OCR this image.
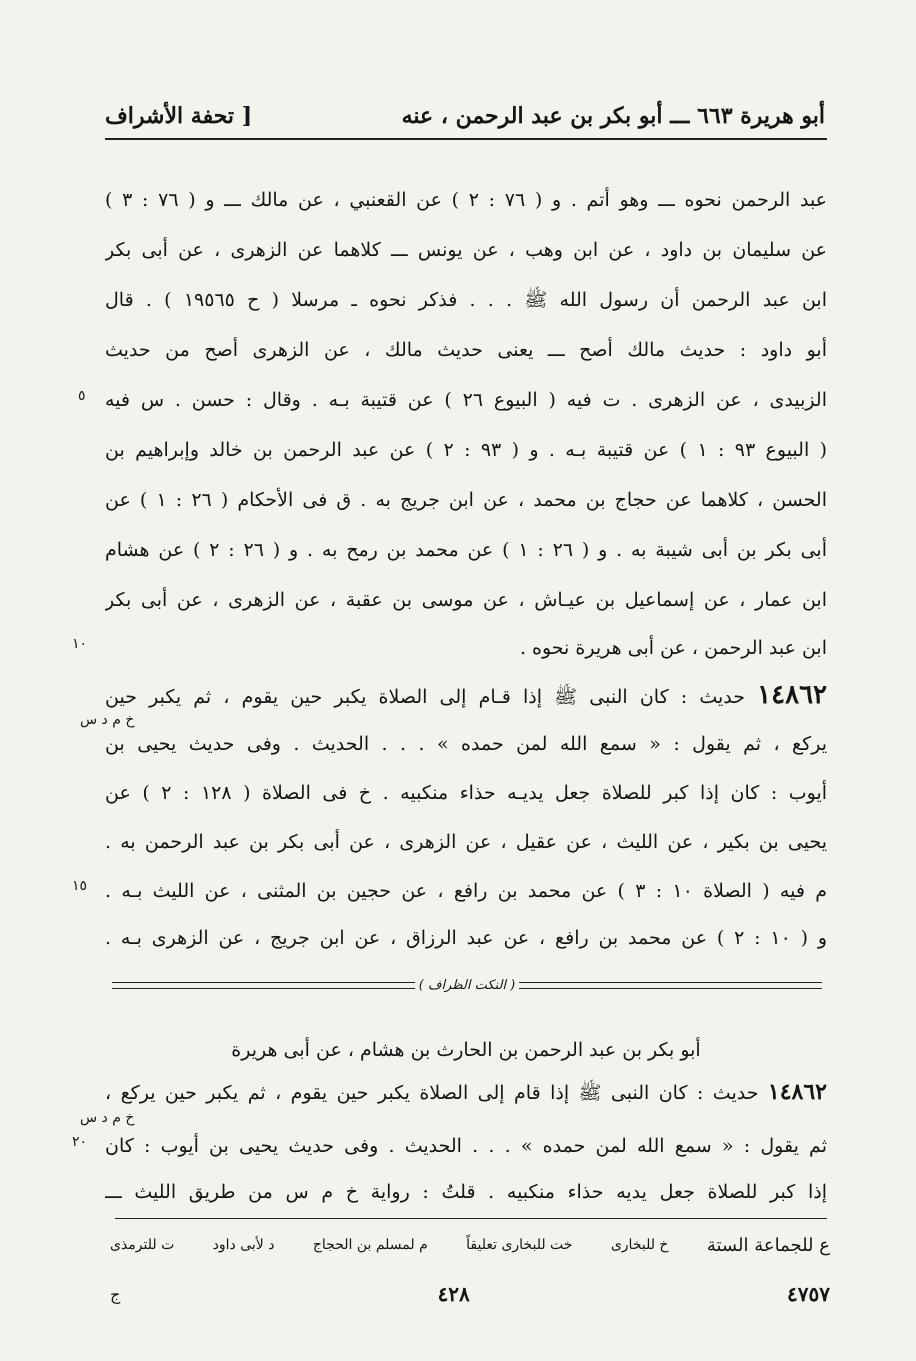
أبو هريرة ٦٦٣ ـــ أبو بكر بن عبد الرحمن ، عنه
[ تحفة الأشراف
عبد الرحمن نحوه ـــ وهو أتم . و ( ٧٦ : ٢ ) عن القعنبي ، عن مالك ـــ و ( ٧٦ : ٣ )
عن سليمان بن داود ، عن ابن وهب ، عن يونس ـــ كلاهما عن الزهرى ، عن أبى بكر
ابن عبد الرحمن أن رسول الله ﷺ . . . فذكر نحوه ـ مرسلا ( ح ١٩٥٦٥ ) . قال
أبو داود : حديث مالك أصح ـــ يعنى حديث مالك ، عن الزهرى أصح من حديث
الزبيدى ، عن الزهرى . ت فيه ( البيوع ٢٦ ) عن قتيبة بـه . وقال : حسن . س فيه
( البيوع ٩٣ : ١ ) عن قتيبة بـه . و ( ٩٣ : ٢ ) عن عبد الرحمن بن خالد وإبراهيم بن
الحسن ، كلاهما عن حجاج بن محمد ، عن ابن جريج به . ق فى الأحكام ( ٢٦ : ١ ) عن
أبى بكر بن أبى شيبة به . و ( ٢٦ : ١ ) عن محمد بن رمح به . و ( ٢٦ : ٢ ) عن هشام
ابن عمار ، عن إسماعيل بن عيـاش ، عن موسى بن عقبة ، عن الزهرى ، عن أبى بكر
ابن عبد الرحمن ، عن أبى هريرة نحوه .
١٤٨٦٢ حديث : كان النبى ﷺ إذا قـام إلى الصلاة يكبر حين يقوم ، ثم يكبر حين
يركع ، ثم يقول : « سمع الله لمن حمده » . . . الحديث . وفى حديث يحيى بن
أيوب : كان إذا كبر للصلاة جعل يديـه حذاء منكبيه . خ فى الصلاة ( ١٢٨ : ٢ ) عن
يحيى بن بكير ، عن الليث ، عن عقيل ، عن الزهرى ، عن أبى بكر بن عبد الرحمن به .
م فيه ( الصلاة ١٠ : ٣ ) عن محمد بن رافع ، عن حجين بن المثنى ، عن الليث بـه .
و ( ١٠ : ٢ ) عن محمد بن رافع ، عن عبد الرزاق ، عن ابن جريج ، عن الزهرى بـه .
( النكت الظراف )
أبو بكر بن عبد الرحمن بن الحارث بن هشام ، عن أبى هريرة
١٤٨٦٢ حديث : كان النبى ﷺ إذا قام إلى الصلاة يكبر حين يقوم ، ثم يكبر حين يركع ،
ثم يقول : « سمع الله لمن حمده » . . . الحديث . وفى حديث يحيى بن أيوب : كان
إذا كبر للصلاة جعل يديه حذاء منكبيه . قلتُ : رواية خ م س من طريق الليث ـــ
ع للجماعة الستة
خ للبخارى
خت للبخارى تعليقاً
م لمسلم بن الحجاج
د لأبى داود
ت للترمذى
٤٧٥٧
٤٢٨
ج
٥
١٠
خ م د س
١٥
خ م د س
٢٠
